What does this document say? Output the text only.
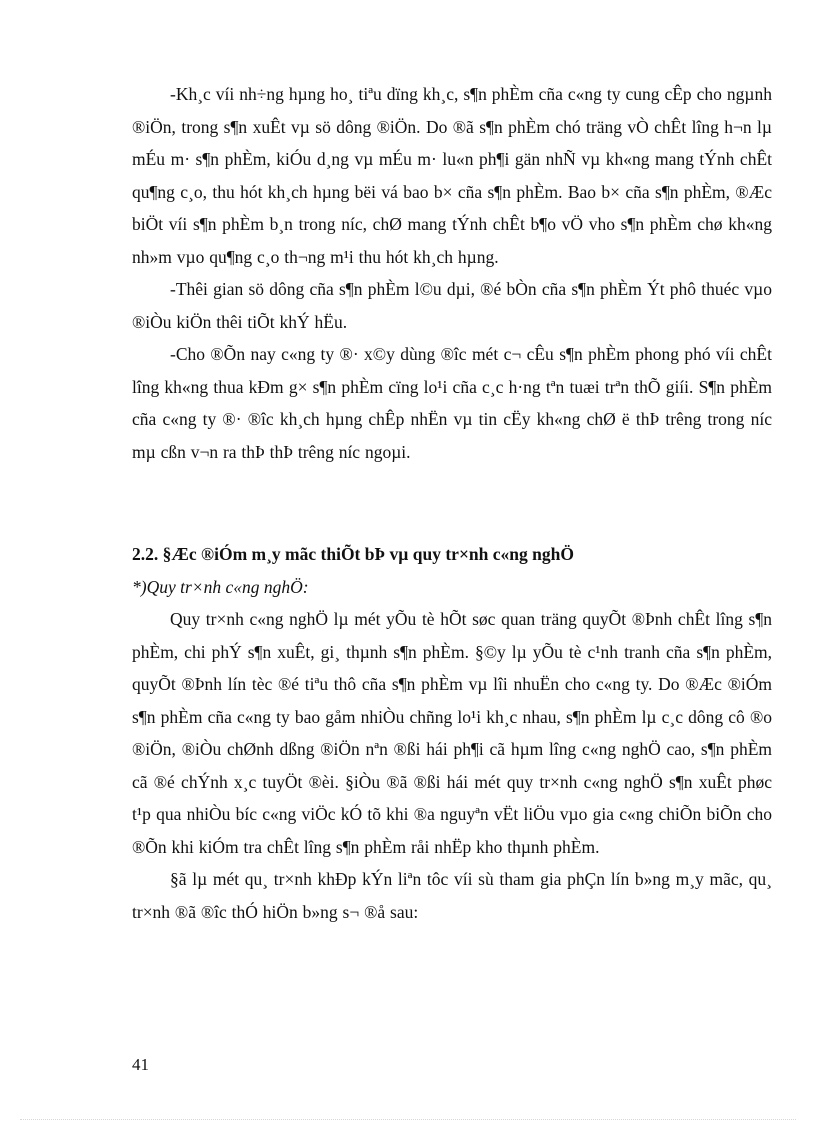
-Kh¸c víi nh÷ng hµng ho¸ tiªu dïng kh¸c, s¶n phÈm cña c«ng ty cung cÊp cho ngµnh ®iÖn, trong s¶n xuÊt vµ sö dông ®iÖn. Do ®ã s¶n phÈm chó träng vÒ chÊt lîng h¬n lµ mÉu m· s¶n phÈm, kiÓu d¸ng vµ mÉu m· lu«n ph¶i gän nhÑ vµ kh«ng mang tÝnh chÊt qu¶ng c¸o, thu hót kh¸ch hµng bëi vá bao b× cña s¶n phÈm. Bao b× cña s¶n phÈm, ®Æc biÖt víi s¶n phÈm b¸n trong níc, chØ mang tÝnh chÊt b¶o vÖ vho s¶n phÈm chø kh«ng nh»m vµo qu¶ng c¸o th¬ng m¹i thu hót kh¸ch hµng.

-Thêi gian sö dông cña s¶n phÈm l©u dµi, ®é bÒn cña s¶n phÈm Ýt phô thuéc vµo ®iÒu kiÖn thêi tiÕt khÝ hËu.

-Cho ®Õn nay c«ng ty ®· x©y dùng ®îc mét c¬ cÊu s¶n phÈm phong phó víi chÊt lîng kh«ng thua kÐm g× s¶n phÈm cïng lo¹i cña c¸c h·ng tªn tuæi trªn thÕ giíi. S¶n phÈm cña c«ng ty ®· ®îc kh¸ch hµng chÊp nhËn vµ tin cËy kh«ng chØ ë thÞ trêng trong níc mµ cßn v¬n ra thÞ thÞ trêng níc ngoµi.

2.2. §Æc ®iÓm m¸y mãc thiÕt bÞ vµ quy tr×nh c«ng nghÖ

*)Quy tr×nh c«ng nghÖ:

Quy tr×nh c«ng nghÖ lµ mét yÕu tè hÕt søc quan träng quyÕt ®Þnh chÊt lîng s¶n phÈm, chi phÝ s¶n xuÊt, gi¸ thµnh s¶n phÈm. §©y lµ yÕu tè c¹nh tranh cña s¶n phÈm, quyÕt ®Þnh lín tèc ®é tiªu thô cña s¶n phÈm vµ lîi nhuËn cho c«ng ty. Do ®Æc ®iÓm s¶n phÈm cña c«ng ty bao gåm nhiÒu chñng lo¹i kh¸c nhau, s¶n phÈm lµ c¸c dông cô ®o ®iÖn, ®iÒu chØnh dßng ®iÖn nªn ®ßi hái ph¶i cã hµm lîng c«ng nghÖ cao, s¶n phÈm cã ®é chÝnh x¸c tuyÖt ®èi. §iÒu ®ã ®ßi hái mét quy tr×nh c«ng nghÖ s¶n xuÊt phøc t¹p qua nhiÒu bíc c«ng viÖc kÓ tõ khi ®a nguyªn vËt liÖu vµo gia c«ng chiÕn biÕn cho ®Õn khi kiÓm tra chÊt lîng s¶n phÈm råi nhËp kho thµnh phÈm.

§ã lµ mét qu¸ tr×nh khÐp kÝn liªn tôc víi sù tham gia phÇn lín b»ng m¸y mãc, qu¸ tr×nh ®ã ®îc thÓ hiÖn b»ng s¬ ®å sau:

41
